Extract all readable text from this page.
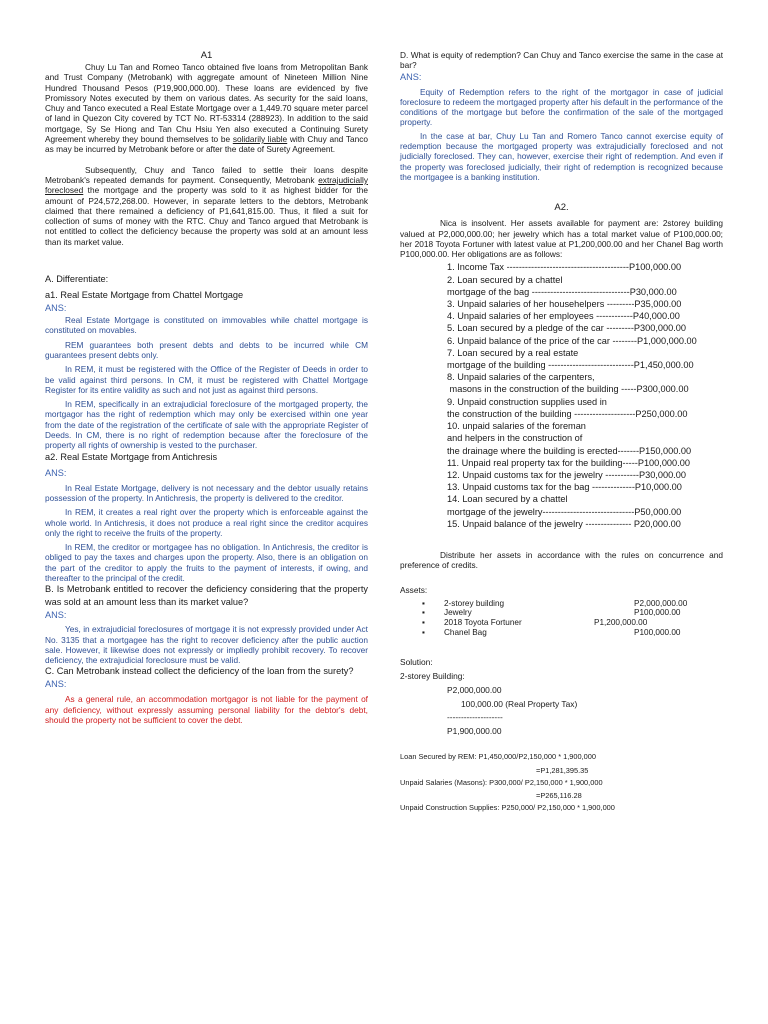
A1

Chuy Lu Tan and Romeo Tanco obtained five loans from Metropolitan Bank and Trust Company (Metrobank) with aggregate amount of Nineteen Million Nine Hundred Thousand Pesos (P19,900,000.00). These loans are evidenced by five Promissory Notes executed by them on various dates. As security for the said loans, Chuy and Tanco executed a Real Estate Mortgage over a 1,449.70 square meter parcel of land in Quezon City covered by TCT No. RT-53314 (288923). In addition to the said mortgage, Sy Se Hiong and Tan Chu Hsiu Yen also executed a Continuing Surety Agreement whereby they bound themselves to be solidarily liable with Chuy and Tanco as may be incurred by Metrobank before or after the date of Surety Agreement.

Subsequently, Chuy and Tanco failed to settle their loans despite Metrobank's repeated demands for payment. Consequently, Metrobank extrajudicially foreclosed the mortgage and the property was sold to it as highest bidder for the amount of P24,572,268.00. However, in separate letters to the debtors, Metrobank claimed that there remained a deficiency of P1,641,815.00. Thus, it filed a suit for collection of sums of money with the RTC. Chuy and Tanco argued that Metrobank is not entitled to collect the deficiency because the property was sold at an amount less than its market value.

A. Differentiate:

a1. Real Estate Mortgage from Chattel Mortgage

ANS:

Real Estate Mortgage is constituted on immovables while chattel mortgage is constituted on movables.

REM guarantees both present debts and debts to be incurred while CM guarantees present debts only.

In REM, it must be registered with the Office of the Register of Deeds in order to be valid against third persons. In CM, it must be registered with Chattel Mortgage Register for its entire validity as such and not just as against third persons.

In REM, specifically in an extrajudicial foreclosure of the mortgaged property, the mortgagor has the right of redemption which may only be exercised within one year from the date of the registration of the certificate of sale with the appropriate Register of Deeds. In CM, there is no right of redemption because after the foreclosure of the property all rights of ownership is vested to the purchaser.

a2. Real Estate Mortgage from Antichresis

ANS:

In Real Estate Mortgage, delivery is not necessary and the debtor usually retains possession of the property. In Antichresis, the property is delivered to the creditor.

In REM, it creates a real right over the property which is enforceable against the whole world. In Antichresis, it does not produce a real right since the creditor acquires only the right to receive the fruits of the property.

In REM, the creditor or mortgagee has no obligation. In Antichresis, the creditor is obliged to pay the taxes and charges upon the property. Also, there is an obligation on the part of the creditor to apply the fruits to the payment of interests, if owing, and thereafter to the principal of the credit.

B. Is Metrobank entitled to recover the deficiency considering that the property was sold at an amount less than its market value?

ANS:

Yes, in extrajudicial foreclosures of mortgage it is not expressly provided under Act No. 3135 that a mortgagee has the right to recover deficiency after the public auction sale. However, it likewise does not expressly or impliedly prohibit recovery. To recover deficiency, the extrajudicial foreclosure must be valid.

C. Can Metrobank instead collect the deficiency of the loan from the surety?

ANS:

As a general rule, an accommodation mortgagor is not liable for the payment of any deficiency, without expressly assuming personal liability for the debtor's debt, should the property not be sufficient to cover the debt.

D. What is equity of redemption? Can Chuy and Tanco exercise the same in the case at bar?

ANS:

Equity of Redemption refers to the right of the mortgagor in case of judicial foreclosure to redeem the mortgaged property after his default in the performance of the conditions of the mortgage but before the confirmation of the sale of the mortgaged property.

In the case at bar, Chuy Lu Tan and Romero Tanco cannot exercise equity of redemption because the mortgaged property was extrajudicially foreclosed and not judicially foreclosed. They can, however, exercise their right of redemption. And even if the property was foreclosed judicially, their right of redemption is recognized because the mortgagee is a banking institution.

A2.

Nica is insolvent. Her assets available for payment are: 2storey building valued at P2,000,000.00; her jewelry which has a total market value of P100,000.00; her 2018 Toyota Fortuner with latest value at P1,200,000.00 and her Chanel Bag worth P100,000.00. Her obligations are as follows:

1. Income Tax ----------------------------------------P100,000.00
2. Loan secured by a chattel
mortgage of the bag --------------------------------P30,000.00
3. Unpaid salaries of her househelpers ---------P35,000.00
4. Unpaid salaries of her employees ------------P40,000.00
5. Loan secured by a pledge of the car ---------P300,000.00
6. Unpaid balance of the price of the car --------P1,000,000.00
7. Loan secured by a real estate
mortgage of the building ----------------------------P1,450,000.00
8. Unpaid salaries of the carpenters,
masons in the construction of the building -----P300,000.00
9. Unpaid construction supplies used in
the construction of the building --------------------P250,000.00
10. unpaid salaries of the foreman
and helpers in the construction of
the drainage where the building is erected-------P150,000.00
11. Unpaid real property tax for the building-----P100,000.00
12. Unpaid customs tax for the jewelry -----------P30,000.00
13. Unpaid customs tax for the bag --------------P10,000.00
14. Loan secured by a chattel
mortgage of the jewelry------------------------------P50,000.00
15. Unpaid balance of the jewelry --------------- P20,000.00

Distribute her assets in accordance with the rules on concurrence and preference of credits.

Assets:

▪	2-storey building	P2,000,000.00
▪	Jewelry	P100,000.00
▪	2018 Toyota Fortuner	P1,200,000.00
▪	Chanel Bag	P100,000.00

Solution:

2-storey Building:

P2,000,000.00
100,000.00 (Real Property Tax)
--------------------
P1,900,000.00
Loan Secured by REM: P1,450,000/P2,150,000 * 1,900,000
=P1,281,395.35
Unpaid Salaries (Masons): P300,000/ P2,150,000 * 1,900,000
=P265,116.28
Unpaid Construction Supplies: P250,000/ P2,150,000 * 1,900,000
